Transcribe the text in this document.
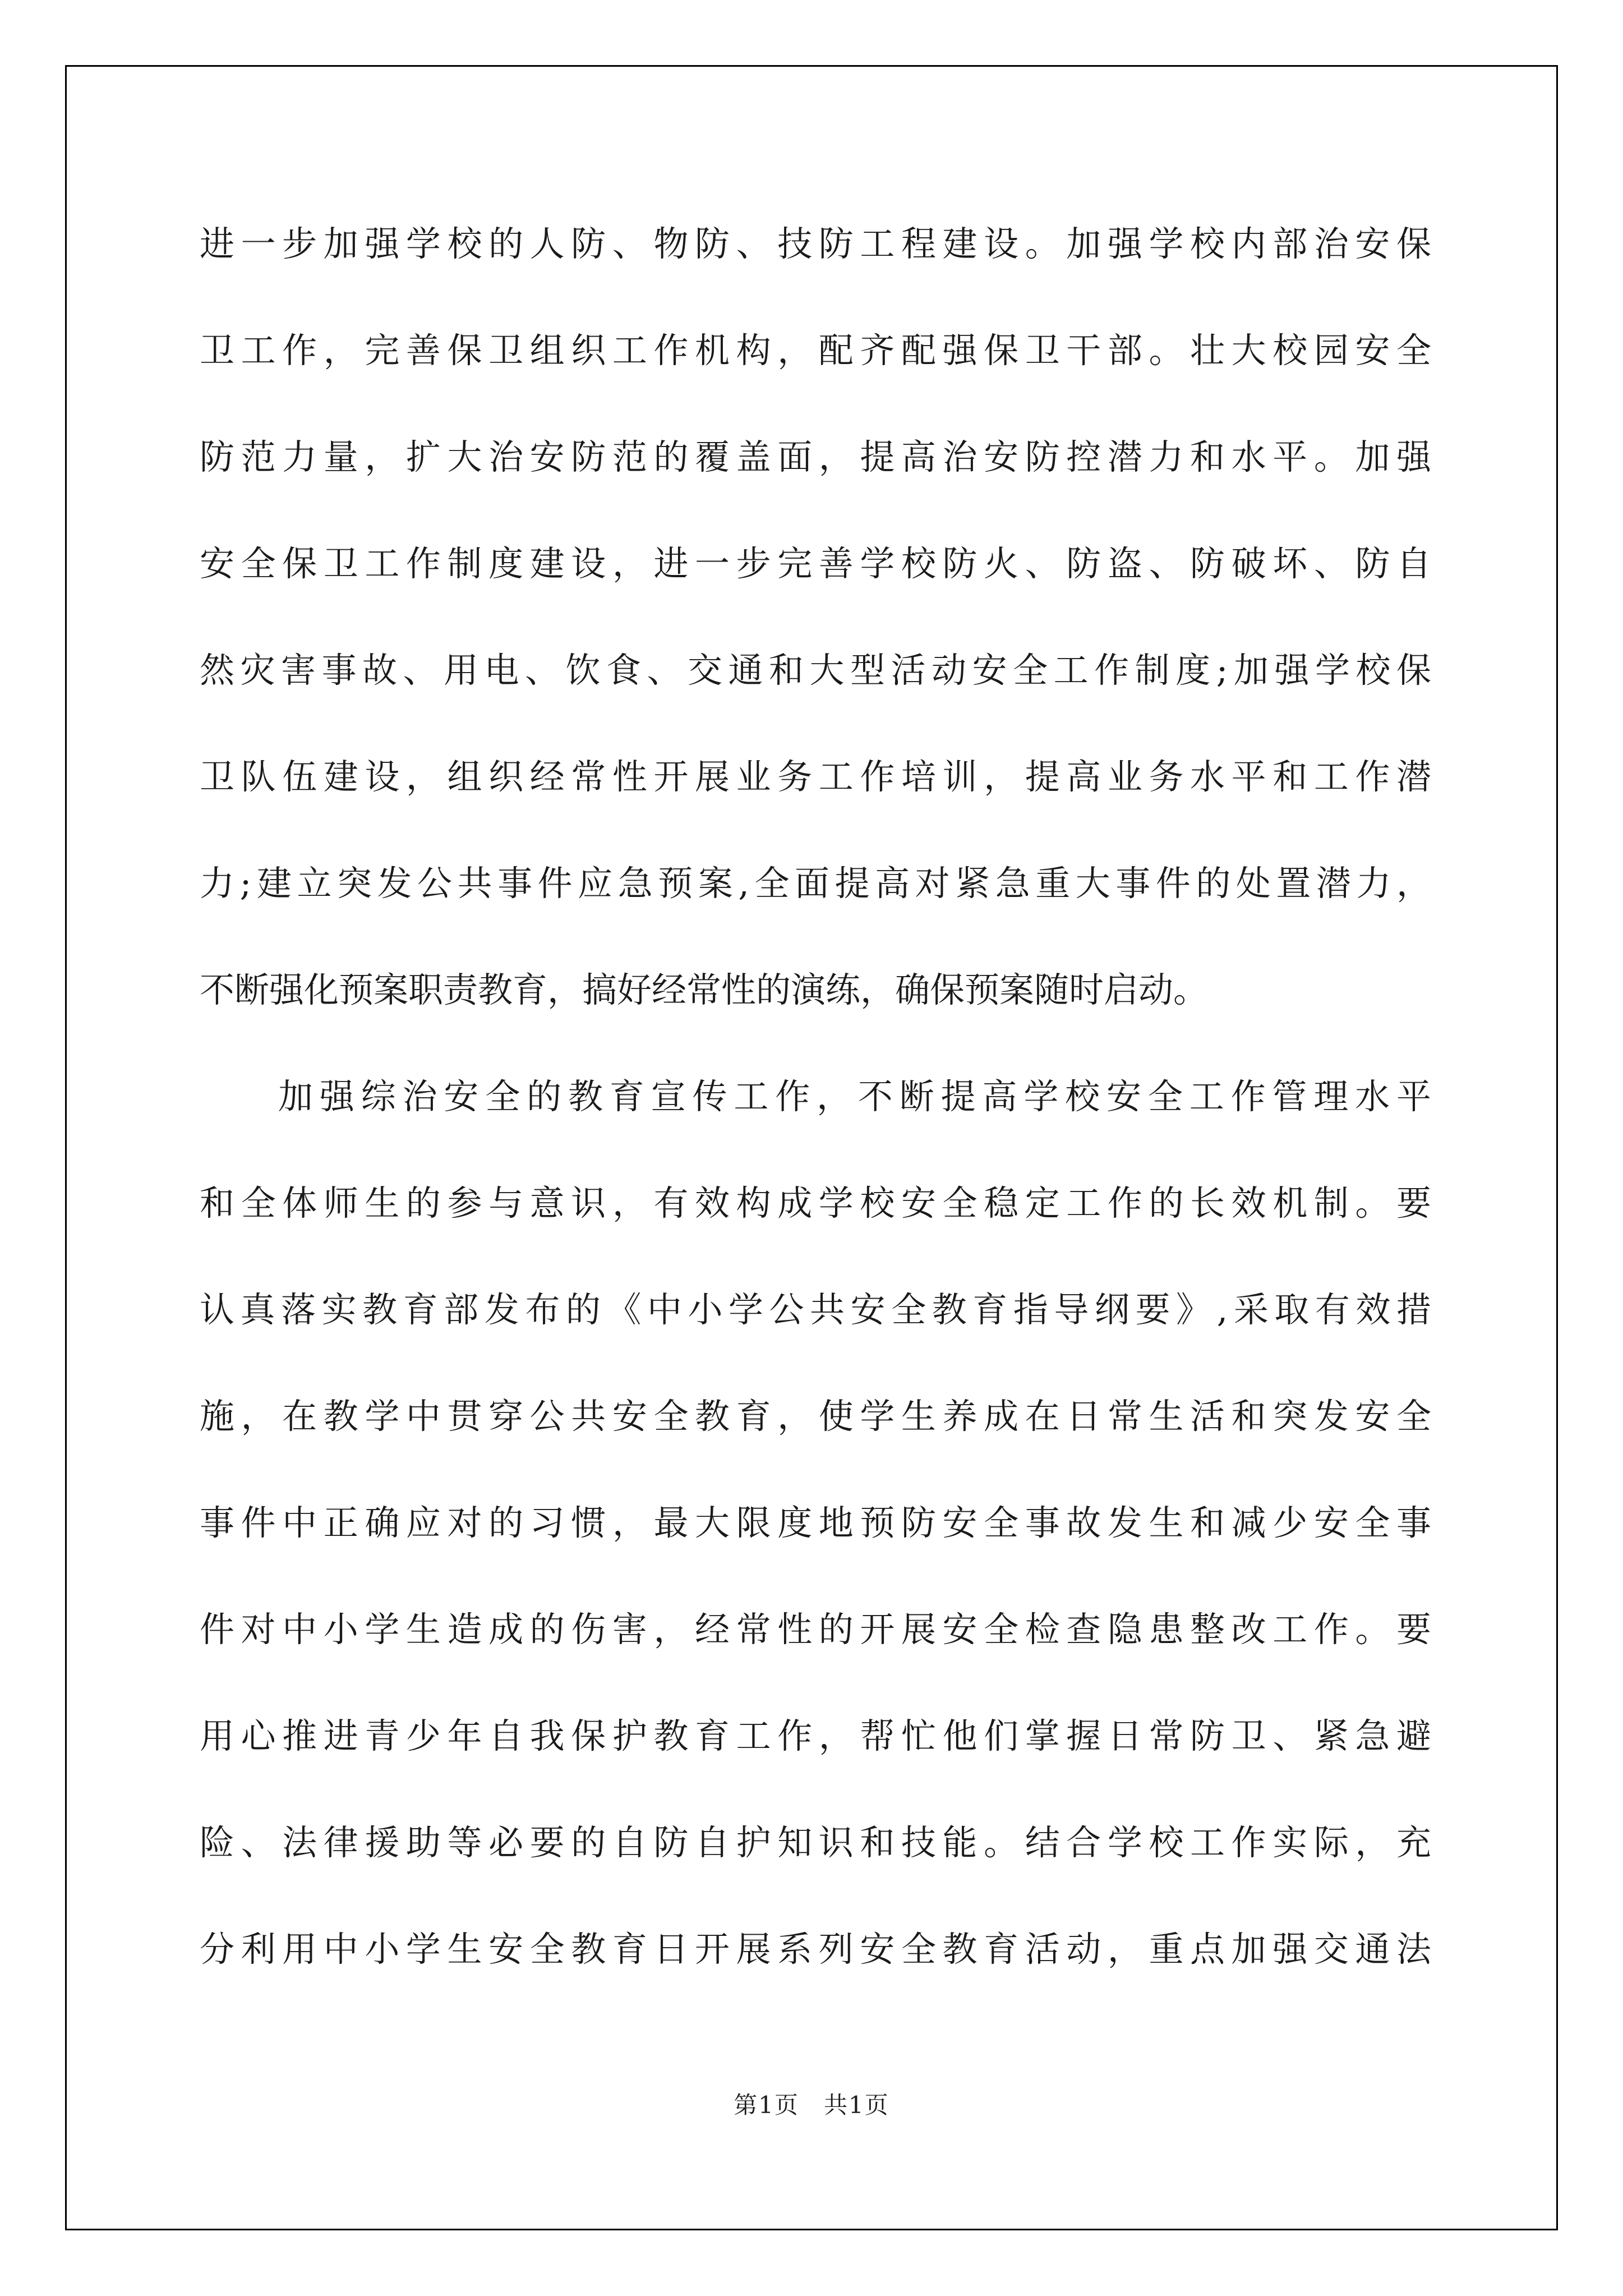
进一步加强学校的人防、物防、技防工程建设。加强学校内部治安保
卫工作，完善保卫组织工作机构，配齐配强保卫干部。壮大校园安全
防范力量，扩大治安防范的覆盖面，提高治安防控潜力和水平。加强
安全保卫工作制度建设，进一步完善学校防火、防盗、防破坏、防自
然灾害事故、用电、饮食、交通和大型活动安全工作制度;加强学校保
卫队伍建设，组织经常性开展业务工作培训，提高业务水平和工作潜
力;建立突发公共事件应急预案,全面提高对紧急重大事件的处置潜力，
不断强化预案职责教育，搞好经常性的演练，确保预案随时启动。
加强综治安全的教育宣传工作，不断提高学校安全工作管理水平
和全体师生的参与意识，有效构成学校安全稳定工作的长效机制。要
认真落实教育部发布的《中小学公共安全教育指导纲要》,采取有效措
施，在教学中贯穿公共安全教育，使学生养成在日常生活和突发安全
事件中正确应对的习惯，最大限度地预防安全事故发生和减少安全事
件对中小学生造成的伤害，经常性的开展安全检查隐患整改工作。要
用心推进青少年自我保护教育工作，帮忙他们掌握日常防卫、紧急避
险、法律援助等必要的自防自护知识和技能。结合学校工作实际，充
分利用中小学生安全教育日开展系列安全教育活动，重点加强交通法
第1页　共1页
